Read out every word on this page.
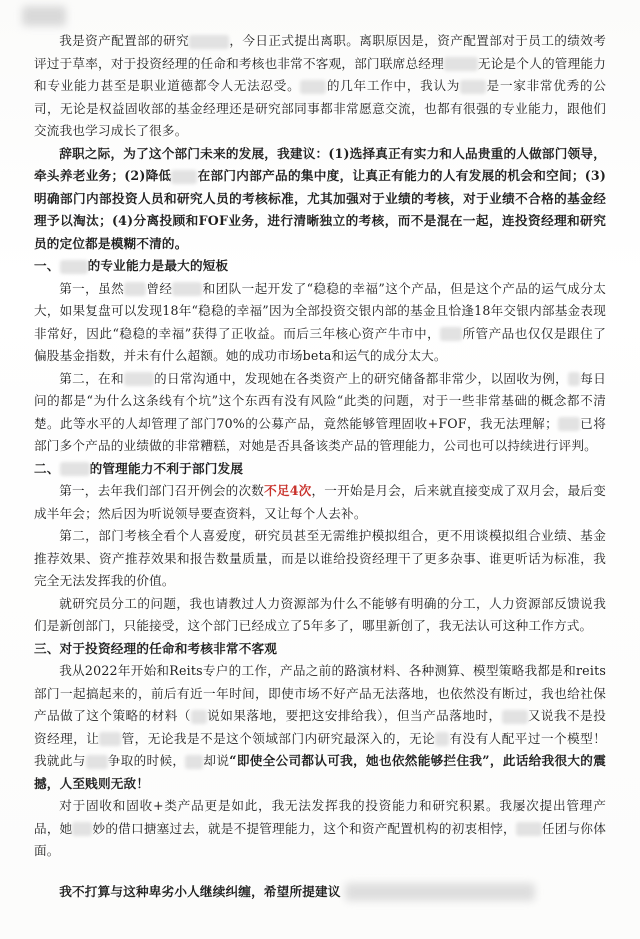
我是资产配置部的研究	，今日正式提出离职。离职原因是，资产配置部对于员工的绩效考评过于草率，对于投资经理的任命和考核也非常不客观，部门联席总经理	无论是个人的管理能力和专业能力甚至是职业道德都令人无法忍受。 的几年工作中，我认为 是一家非常优秀的公司，无论是权益固收部的基金经理还是研究部同事都非常愿意交流，也都有很强的专业能力，跟他们交流我也学习成长了很多。

辞职之际，为了这个部门未来的发展，我建议：(1)选择真正有实力和人品贵重的人做部门领导，牵头养老业务；(2)降低 在部门内部产品的集中度，让真正有能力的人有发展的机会和空间；(3)明确部门内部投资人员和研究人员的考核标准，尤其加强对于业绩的考核，对于业绩不合格的基金经理予以淘汰；(4)分离投顾和FOF业务，进行清晰独立的考核，而不是混在一起，连投资经理和研究员的定位都是模糊不清的。

一、 的专业能力是最大的短板

第一，虽然 曾经 和团队一起开发了“稳稳的幸福”这个产品，但是这个产品的运气成分太大，如果复盘可以发现18年“稳稳的幸福”因为全部投资交银内部的基金且恰逢18年交银内部基金表现非常好，因此“稳稳的幸福”获得了正收益。而后三年核心资产牛市中， 所管产品也仅仅是跟住了偏股基金指数，并未有什么超额。她的成功市场beta和运气的成分太大。

第二，在和 的日常沟通中，发现她在各类资产上的研究储备都非常少，以固收为例， 每日问的都是“为什么这条线有个坑”这个东西有没有风险“此类的问题，对于一些非常基础的概念都不清楚。此等水平的人却管理了部门70%的公募产品，竟然能够管理固收+FOF，我无法理解； 已将部门多个产品的业绩做的非常糟糕，对她是否具备该类产品的管理能力，公司也可以持续进行评判。

二、 的管理能力不利于部门发展

第一，去年我们部门召开例会的次数不足4次，一开始是月会，后来就直接变成了双月会，最后变成半年会；然后因为听说领导要查资料，又让每个人去补。

第二，部门考核全看个人喜爱度，研究员甚至无需维护模拟组合，更不用谈模拟组合业绩、基金推荐效果、资产推荐效果和报告数量质量，而是以谁给投资经理干了更多杂事、谁更听话为标准，我完全无法发挥我的价值。

就研究员分工的问题，我也请教过人力资源部为什么不能够有明确的分工，人力资源部反馈说我们是新创部门，只能接受，这个部门已经成立了5年多了，哪里新创了，我无法认可这种工作方式。

三、对于投资经理的任命和考核非常不客观

我从2022年开始和Reits专户的工作，产品之前的路演材料、各种测算、模型策略我都是和reits部门一起搞起来的，前后有近一年时间，即使市场不好产品无法落地，也依然没有断过，我也给社保产品做了这个策略的材料（ 说如果落地，要把这安排给我），但当产品落地时， 又说我不是投资经理，让 管，无论我是不是这个领域部门内研究最深入的，无论 有没有人配平过一个模型！我就此与 争取的时候， 却说“即使全公司都认可我，她也依然能够拦住我”，此话给我很大的震撼，人至贱则无敌！

对于固收和固收+类产品更是如此，我无法发挥我的投资能力和研究积累。我屡次提出管理产品，她 妙的借口搪塞过去，就是不提管理能力，这个和资产配置机构的初衷相悖， 任团与你体面。

我不打算与这种卑劣小人继续纠缠，希望所提建议
